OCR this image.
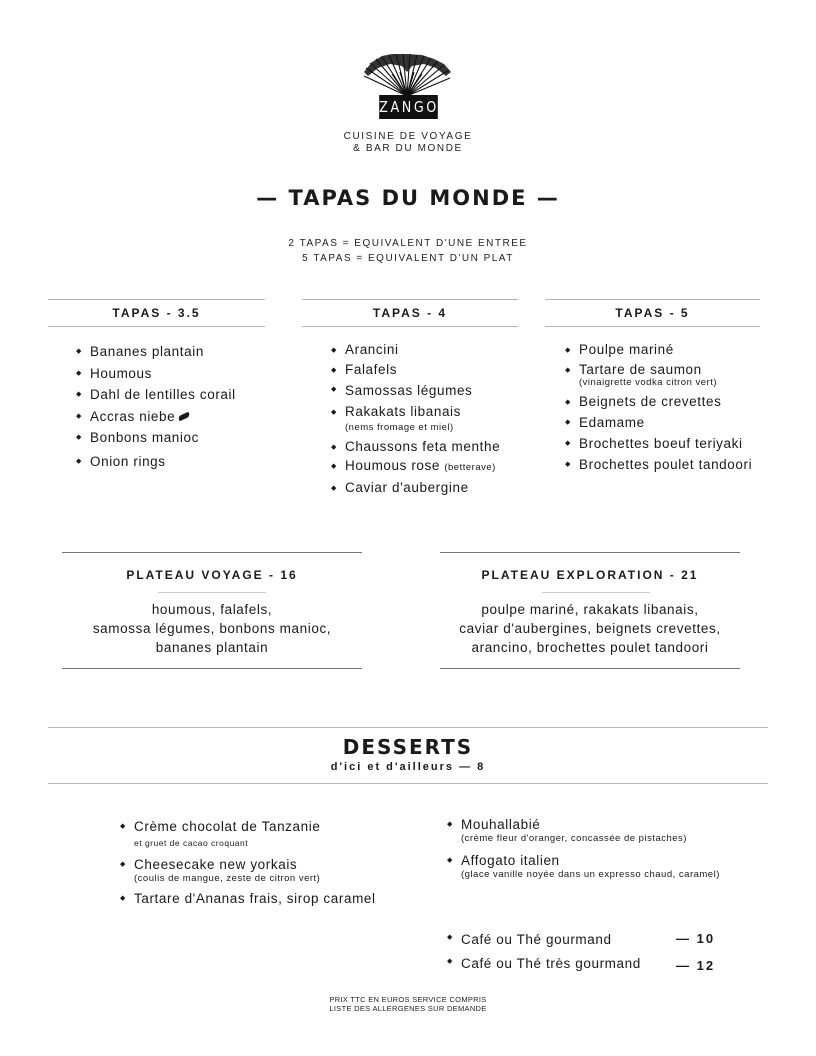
ZANGO
CUISINE DE VOYAGE
& BAR DU MONDE
— TAPAS DU MONDE —
2 TAPAS = EQUIVALENT D'UNE ENTREE
5 TAPAS = EQUIVALENT D'UN PLAT
TAPAS - 3.5
◆ Bananes plantain
◆ Houmous
◆ Dahl de lentilles corail
◆ Accras niebe
◆ Bonbons manioc
◆ Onion rings
TAPAS - 4
◆ Arancini
◆ Falafels
◆ Samossas légumes
◆ Rakakats libanais
(nems fromage et miel)
◆ Chaussons feta menthe
◆ Houmous rose (betterave)
◆ Caviar d'aubergine
TAPAS - 5
◆ Poulpe mariné
◆ Tartare de saumon
(vinaigrette vodka citron vert)
◆ Beignets de crevettes
◆ Edamame
◆ Brochettes boeuf teriyaki
◆ Brochettes poulet tandoori
PLATEAU VOYAGE - 16
houmous, falafels,
samossa légumes, bonbons manioc,
bananes plantain
PLATEAU EXPLORATION - 21
poulpe mariné, rakakats libanais,
caviar d'aubergines, beignets crevettes,
arancino, brochettes poulet tandoori
DESSERTS
d'ici et d'ailleurs — 8
◆ Crème chocolat de Tanzanie
et gruet de cacao croquant
◆ Cheesecake new yorkais
(coulis de mangue, zeste de citron vert)
◆ Tartare d'Ananas frais, sirop caramel
◆ Mouhallabié
(crème fleur d'oranger, concassée de pistaches)
◆ Affogato italien
(glace vanille noyée dans un expresso chaud, caramel)
◆ Café ou Thé gourmand
◆ Café ou Thé très gourmand
— 10
— 12
PRIX TTC EN EUROS SERVICE COMPRIS
LISTE DES ALLERGENES SUR DEMANDE
